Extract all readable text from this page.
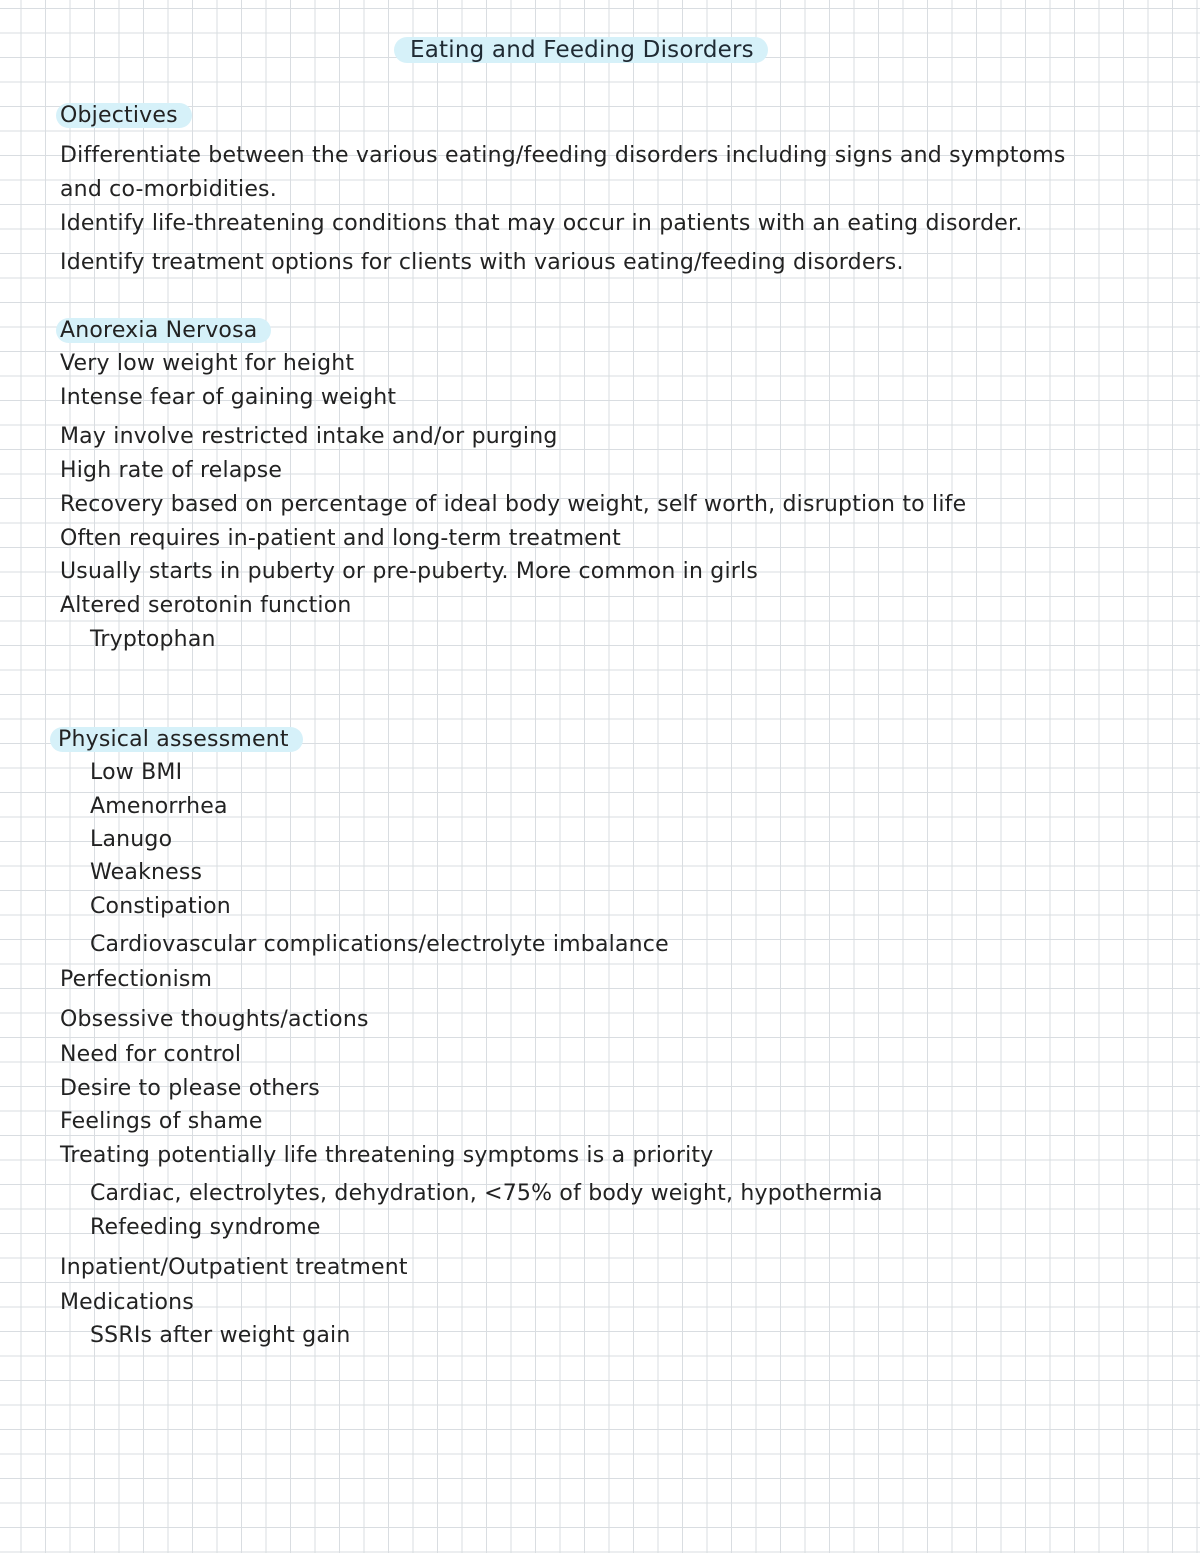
Eating and Feeding Disorders
Objectives
Differentiate between the various eating/feeding disorders including signs and symptoms
and co-morbidities.
Identify life-threatening conditions that may occur in patients with an eating disorder.
Identify treatment options for clients with various eating/feeding disorders.
Anorexia Nervosa
Very low weight for height
Intense fear of gaining weight
May involve restricted intake and/or purging
High rate of relapse
Recovery based on percentage of ideal body weight, self worth, disruption to life
Often requires in-patient and long-term treatment
Usually starts in puberty or pre-puberty. More common in girls
Altered serotonin function
Tryptophan
Physical assessment
Low BMI
Amenorrhea
Lanugo
Weakness
Constipation
Cardiovascular complications/electrolyte imbalance
Perfectionism
Obsessive thoughts/actions
Need for control
Desire to please others
Feelings of shame
Treating potentially life threatening symptoms is a priority
Cardiac, electrolytes, dehydration, <75% of body weight, hypothermia
Refeeding syndrome
Inpatient/Outpatient treatment
Medications
SSRIs after weight gain
